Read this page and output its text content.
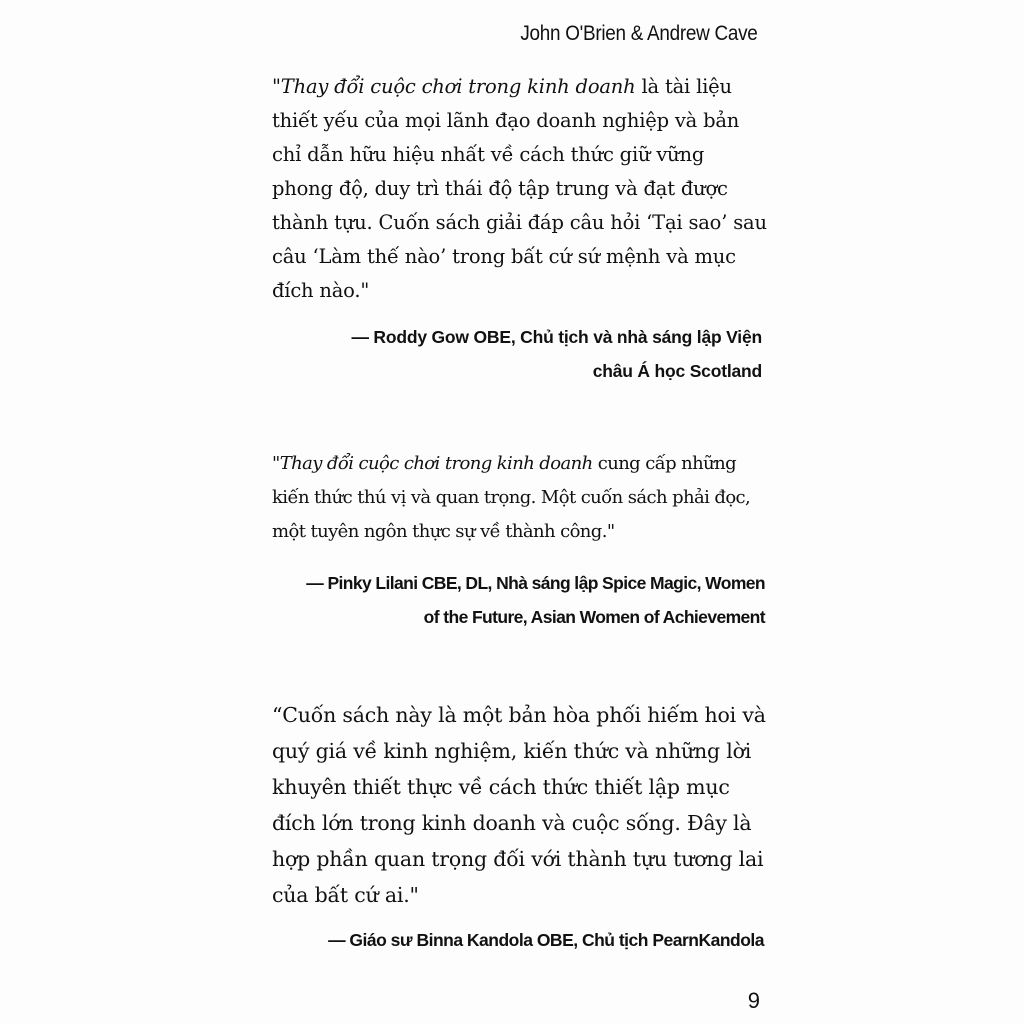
John O'Brien & Andrew Cave

"Thay đổi cuộc chơi trong kinh doanh là tài liệu thiết yếu của mọi lãnh đạo doanh nghiệp và bản chỉ dẫn hữu hiệu nhất về cách thức giữ vững phong độ, duy trì thái độ tập trung và đạt được thành tựu. Cuốn sách giải đáp câu hỏi ‘Tại sao’ sau câu ‘Làm thế nào’ trong bất cứ sứ mệnh và mục đích nào."

— Roddy Gow OBE, Chủ tịch và nhà sáng lập Viện
châu Á học Scotland

"Thay đổi cuộc chơi trong kinh doanh cung cấp những kiến thức thú vị và quan trọng. Một cuốn sách phải đọc, một tuyên ngôn thực sự về thành công."

— Pinky Lilani CBE, DL, Nhà sáng lập Spice Magic, Women
of the Future, Asian Women of Achievement

“Cuốn sách này là một bản hòa phối hiếm hoi và quý giá về kinh nghiệm, kiến thức và những lời khuyên thiết thực về cách thức thiết lập mục đích lớn trong kinh doanh và cuộc sống. Đây là hợp phần quan trọng đối với thành tựu tương lai của bất cứ ai."

— Giáo sư Binna Kandola OBE, Chủ tịch PearnKandola
9
